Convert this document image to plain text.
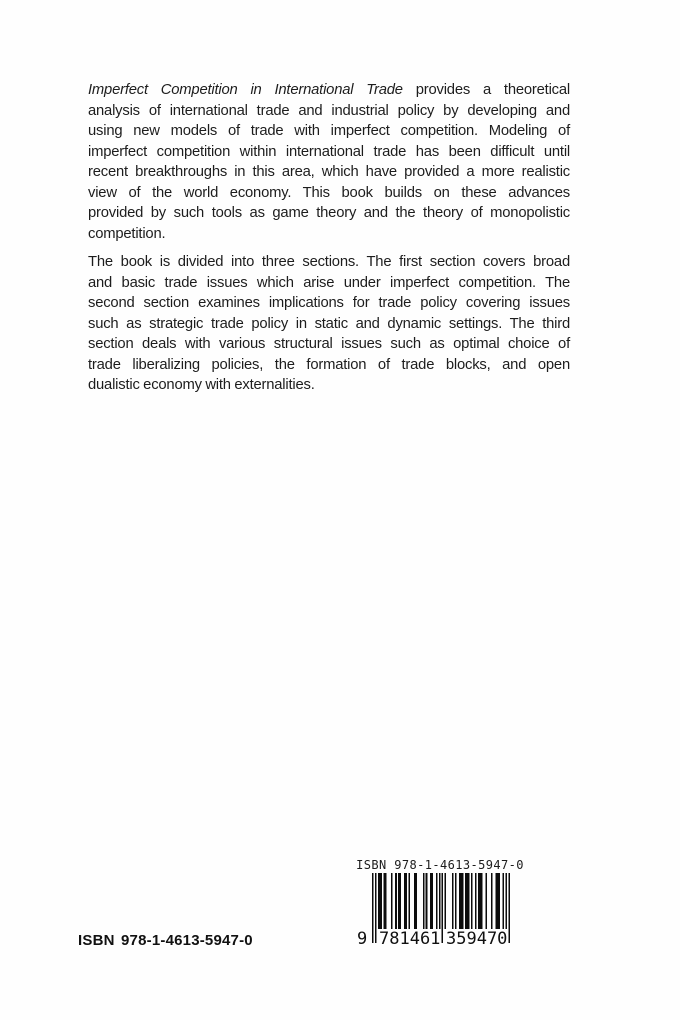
Imperfect Competition in International Trade provides a theoretical
analysis of international trade and industrial policy by developing and
using new models of trade with imperfect competition. Modeling of
imperfect competition within international trade has been difficult until
recent breakthroughs in this area, which have provided a more realistic
view of the world economy. This book builds on these advances
provided by such tools as game theory and the theory of monopolistic
competition.
The book is divided into three sections. The first section covers broad
and basic trade issues which arise under imperfect competition. The
second section examines implications for trade policy covering issues
such as strategic trade policy in static and dynamic settings. The third
section deals with various structural issues such as optimal choice of
trade liberalizing policies, the formation of trade blocks, and open
dualistic economy with externalities.
ISBN 978-1-4613-5947-0
9 781461 359470
ISBN 978-1-4613-5947-0
